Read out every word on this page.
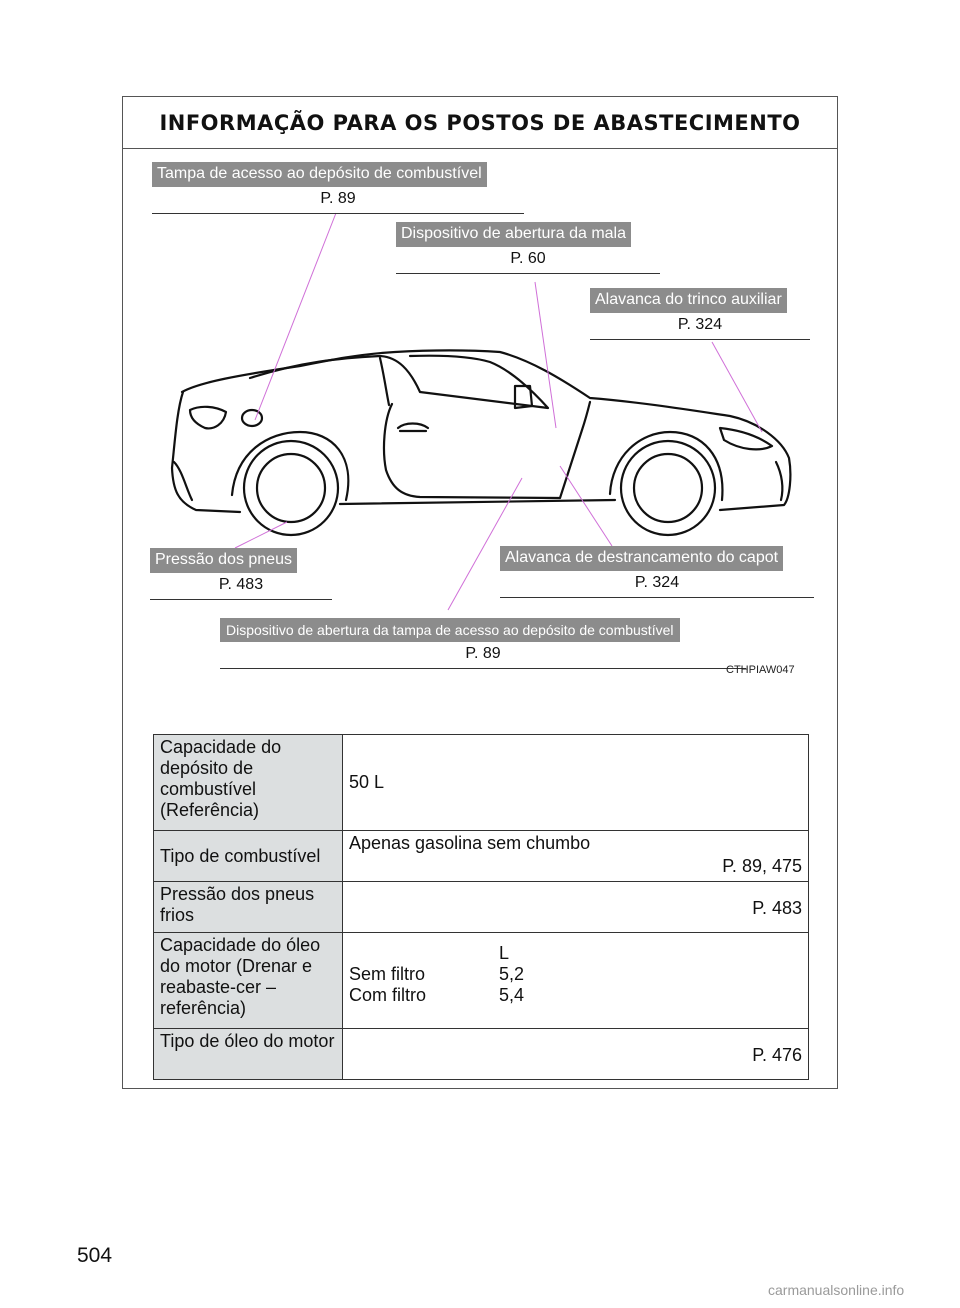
INFORMAÇÃO PARA OS POSTOS DE ABASTECIMENTO
Tampa de acesso ao depósito de combustível
P. 89
Dispositivo de abertura da mala
P. 60
Alavanca do trinco auxiliar
P. 324
Pressão dos pneus
P. 483
Alavanca de destrancamento do capot
P. 324
Dispositivo de abertura da tampa de acesso ao depósito de combustível
P. 89
CTHPIAW047
Capacidade do depósito de combustível (Referência)	50 L
Tipo de combustível	Apenas gasolina sem chumbo
P. 89, 475

Pressão dos pneus frios	P. 483

Capacidade do óleo do motor (Drenar e reabaste-cer – referência)	L
Sem filtro 5,2
Com filtro 5,4

Tipo de óleo do motor	P. 476
504
carmanualsonline.info
